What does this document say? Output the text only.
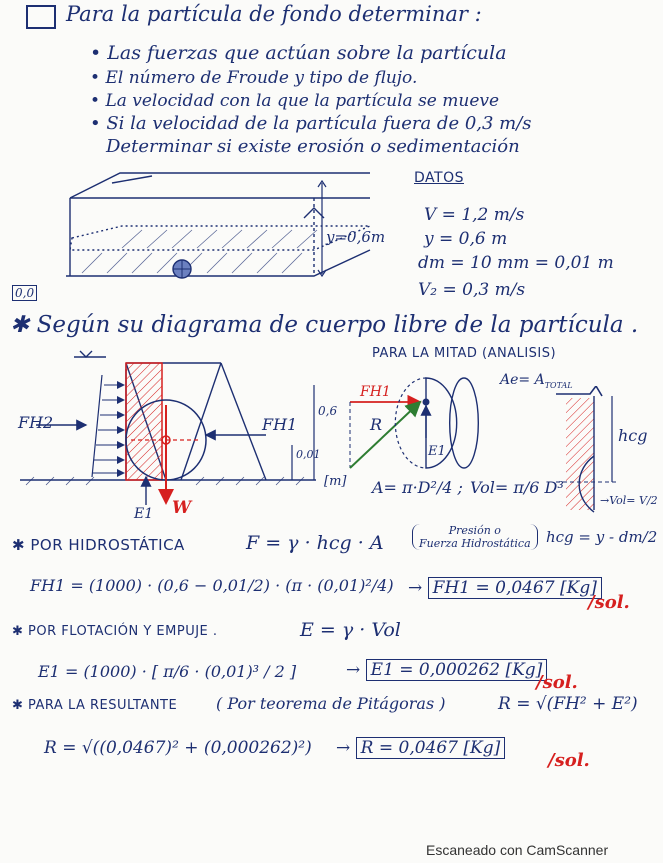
Para la partícula de fondo determinar :
• Las fuerzas que actúan sobre la partícula
• El número de Froude y tipo de flujo.
• La velocidad con la que la partícula se mueve
• Si la velocidad de la partícula fuera de 0,3 m/s
Determinar si existe erosión o sedimentación
y=0,6m
0,0
DATOS
V = 1,2 m/s
y = 0,6 m
dm = 10 mm = 0,01 m
V₂ = 0,3 m/s
✱ Según su diagrama de cuerpo libre de la partícula .
PARA LA MITAD (ANALISIS)
FH2	FH1
0,6
0,01
[m]
E1 W
FH1
R
E1
$Ae= A_{TOTAL}$
A= π·D²/4 ; Vol= π/6 D³
hcg
→Vol= V/2
hcg = y - dm/2
✱ POR HIDROSTÁTICA	F = γ · hcg · A
Presión o
Fuerza Hidrostática
FH1 = (1000) · (0,6 − 0,01/2) · (π · (0,01)²/4) → FH1 = 0,0467 [Kg]
/sol.
✱ POR FLOTACIÓN Y EMPUJE .	E = γ · Vol
E1 = (1000) · [ π/6 · (0,01)³ / 2 ]	→ E1 = 0,000262 [Kg]
/sol.
✱ PARA LA RESULTANTE ( Por teorema de Pitágoras )	R = √(FH² + E²)
R = √((0,0467)² + (0,000262)²) → R = 0,0467 [Kg]
/sol.
Escaneado con CamScanner
